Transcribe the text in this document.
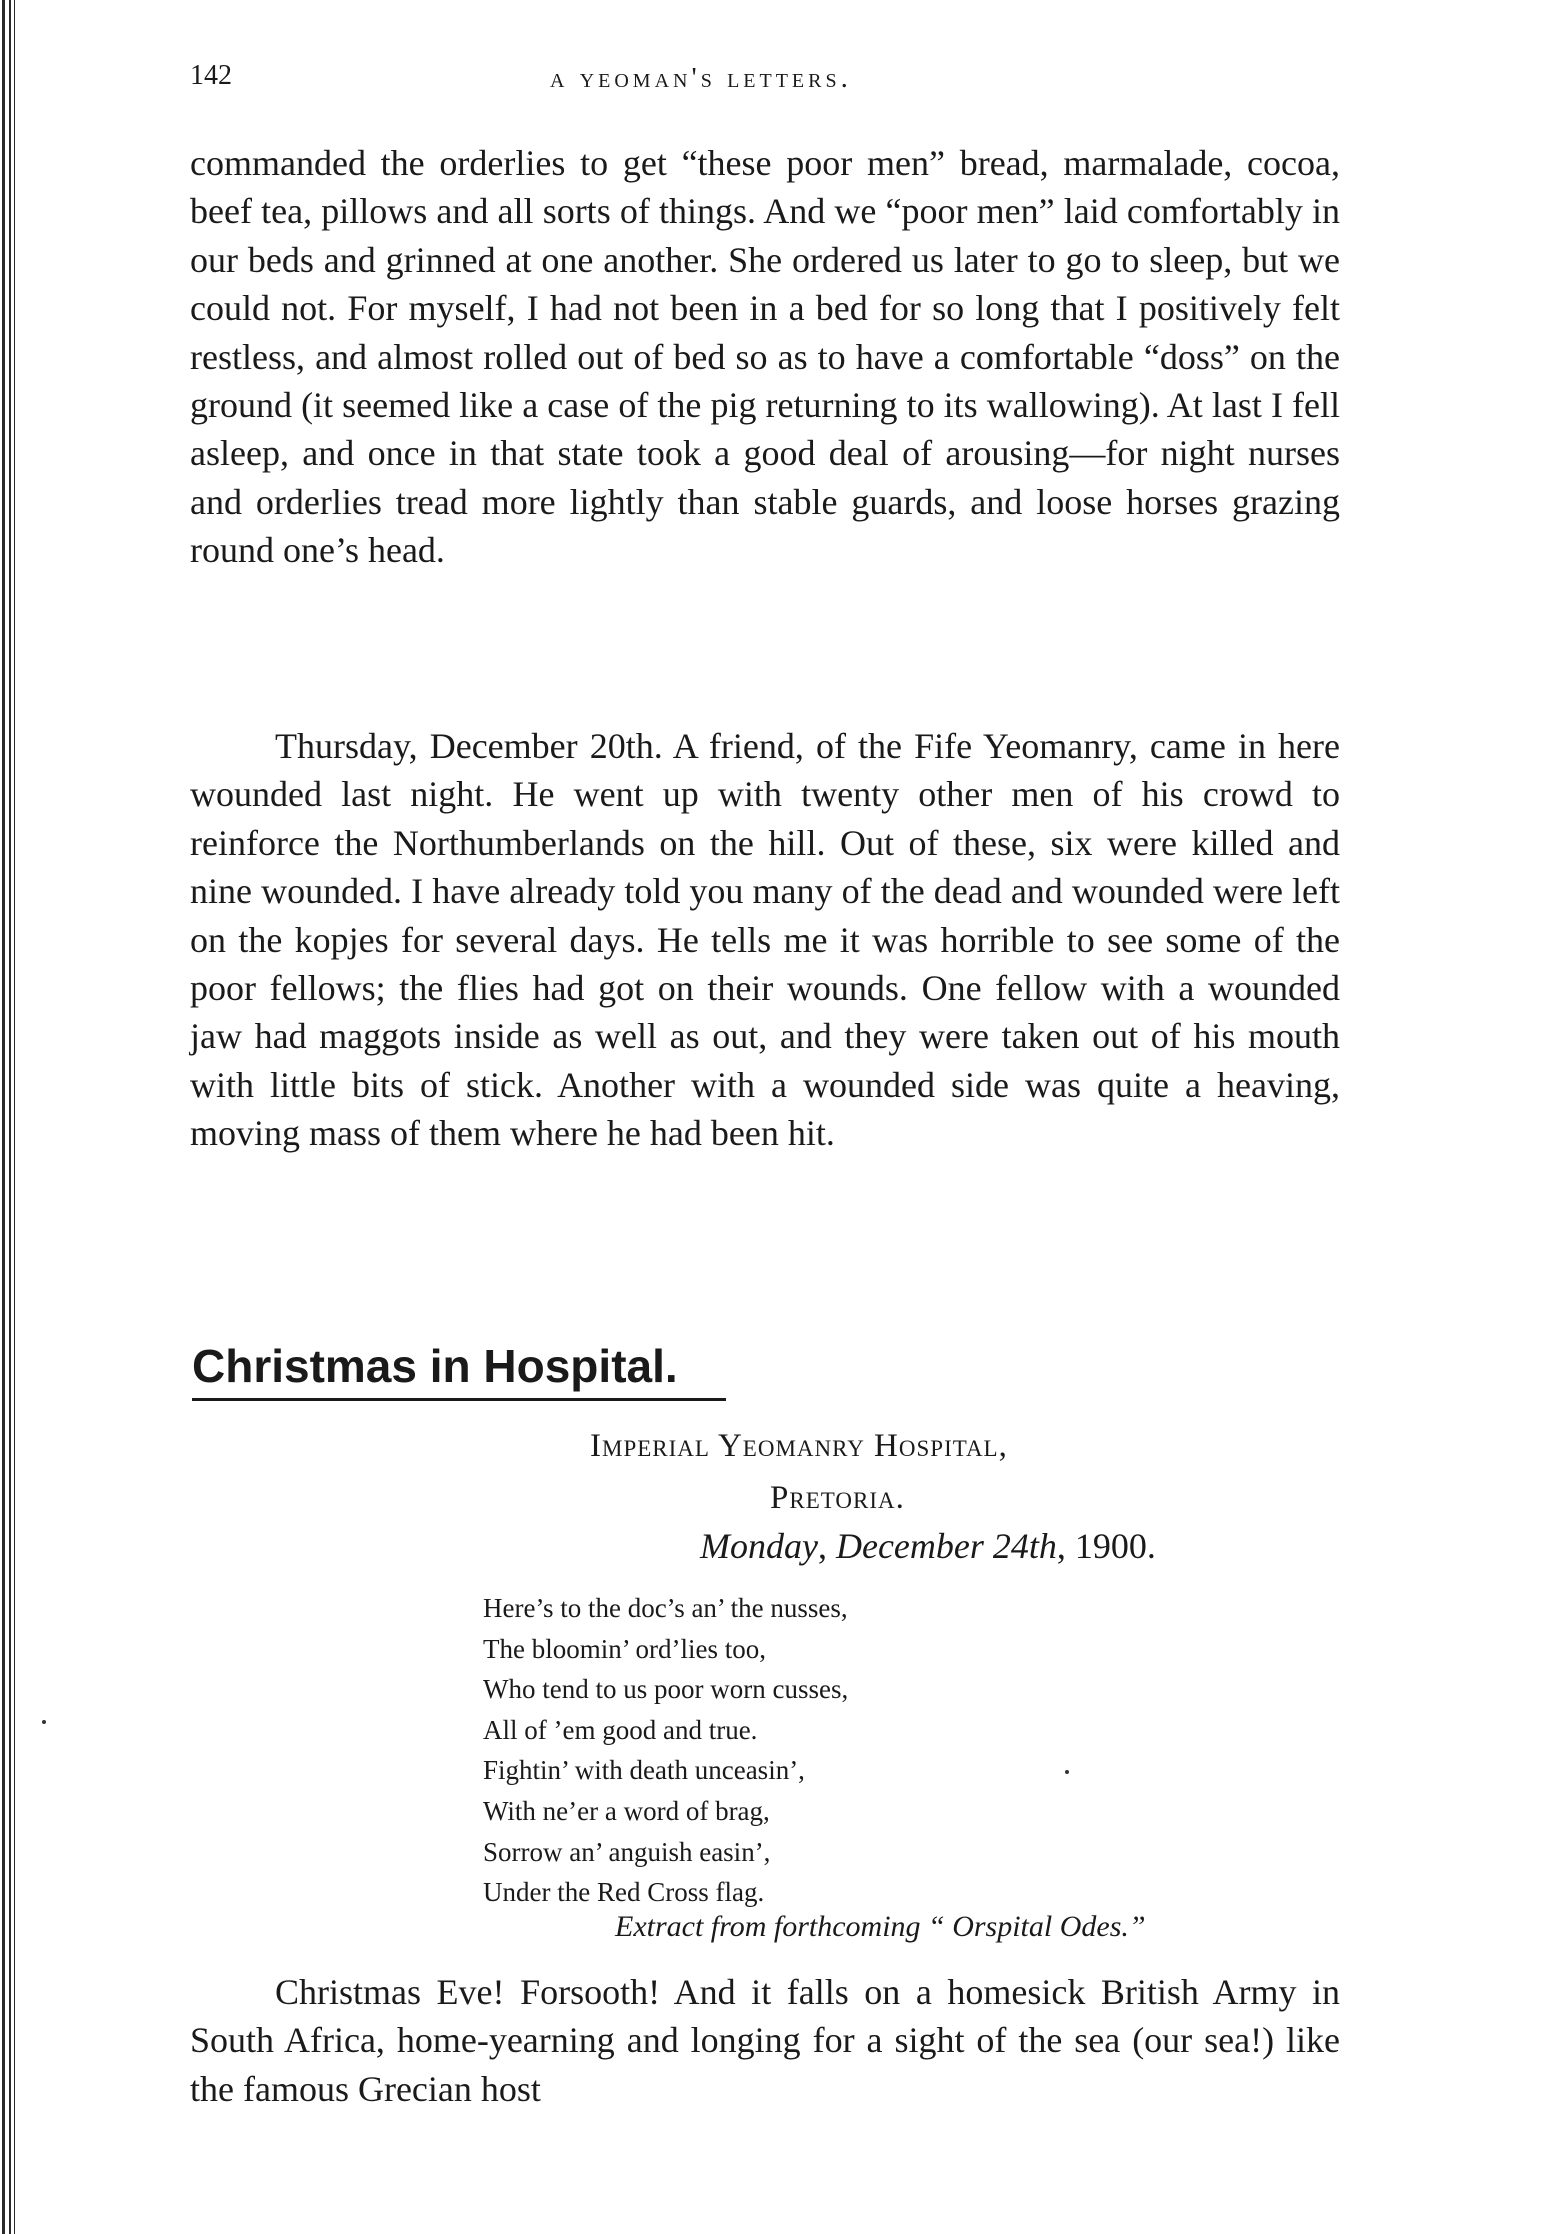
142	a yeoman's letters.

commanded the orderlies to get “these poor men” bread, marmalade, cocoa, beef tea, pillows and all sorts of things. And we “poor men” laid comfortably in our beds and grinned at one another. She ordered us later to go to sleep, but we could not. For myself, I had not been in a bed for so long that I positively felt restless, and almost rolled out of bed so as to have a comfortable “doss” on the ground (it seemed like a case of the pig returning to its wallowing). At last I fell asleep, and once in that state took a good deal of arousing—for night nurses and orderlies tread more lightly than stable guards, and loose horses grazing round one’s head.

Thursday, December 20th. A friend, of the Fife Yeomanry, came in here wounded last night. He went up with twenty other men of his crowd to reinforce the Northumberlands on the hill. Out of these, six were killed and nine wounded. I have already told you many of the dead and wounded were left on the kopjes for several days. He tells me it was horrible to see some of the poor fellows; the flies had got on their wounds. One fellow with a wounded jaw had maggots inside as well as out, and they were taken out of his mouth with little bits of stick. Another with a wounded side was quite a heaving, moving mass of them where he had been hit.

Christmas in Hospital.
Imperial Yeomanry Hospital,
Pretoria.
Monday, December 24th, 1900.
Here’s to the doc’s an’ the nusses,
The bloomin’ ord’lies too,
Who tend to us poor worn cusses,
All of ’em good and true.
Fightin’ with death unceasin’,
With ne’er a word of brag,
Sorrow an’ anguish easin’,
Under the Red Cross flag.
Extract from forthcoming “ Orspital Odes.”

Christmas Eve! Forsooth! And it falls on a homesick British Army in South Africa, home-yearning and longing for a sight of the sea (our sea!) like the famous Grecian host
